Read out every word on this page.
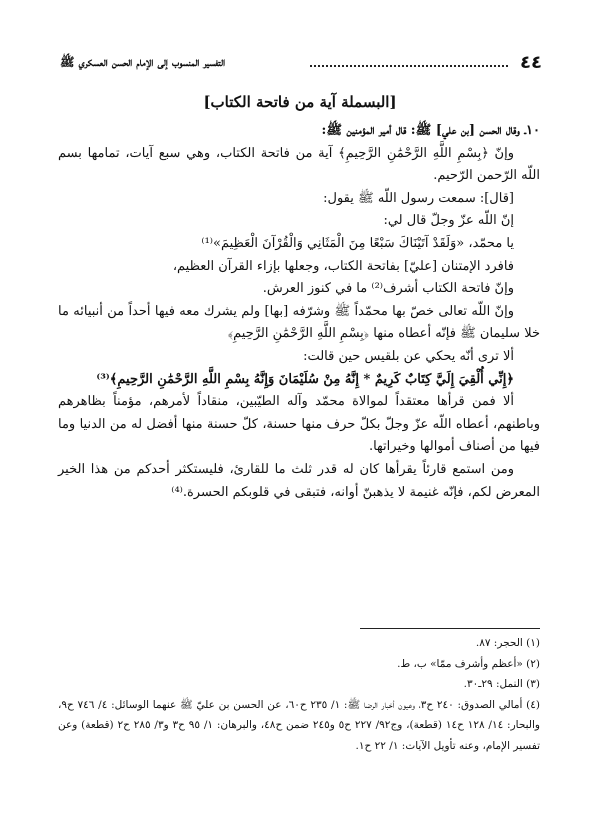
٤٤
التفسير المنسوب إلى الإمام الحسن العسكري ﷺ
[البسملة آية من فاتحة الكتاب]

١٠ـ وقال الحسن [بن علي] ﷺ: قال أمير المؤمنين ﷺ:

وإنّ ﴿بِسْمِ اللَّهِ الرَّحْمَٰنِ الرَّحِيمِ﴾ آية من فاتحة الكتاب، وهي سبع آيات، تمامها بسم اللّه الرّحمن الرّحيم.

[قال]: سمعت رسول اللّه ﷺ يقول:

إنّ اللّه عزّ وجلّ قال لي:

يا محمّد، «وَلَقَدْ آتَيْنَاكَ سَبْعًا مِنَ الْمَثَانِي وَالْقُرْآنَ الْعَظِيمَ»⁽¹⁾

فافرد الإمتنان [عليّ] بفاتحة الكتاب، وجعلها بإزاء القرآن العظيم،

وإنّ فاتحة الكتاب أشرف⁽²⁾ ما في كنوز العرش.

وإنّ اللّه تعالى خصّ بها محمّداً ﷺ وشرّفه [بها] ولم يشرك معه فيها أحداً من أنبيائه ما خلا سليمان ﷺ فإنّه أعطاه منها ﴿بِسْمِ اللَّهِ الرَّحْمَٰنِ الرَّحِيمِ﴾

ألا ترى أنّه يحكي عن بلقيس حين قالت:

﴿إِنِّي أُلْقِيَ إِلَيَّ كِتَابٌ كَرِيمٌ * إِنَّهُ مِنْ سُلَيْمَانَ وَإِنَّهُ بِسْمِ اللَّهِ الرَّحْمَٰنِ الرَّحِيمِ﴾⁽³⁾

ألا فمن قرأها معتقداً لموالاة محمّد وآله الطيّبين، منقاداً لأمرهم، مؤمناً بظاهرهم وباطنهم، أعطاه اللّه عزّ وجلّ بكلّ حرف منها حسنة، كلّ حسنة منها أفضل له من الدنيا وما فيها من أصناف أموالها وخيراتها.

ومن استمع قارئاً يقرأها كان له قدر ثلث ما للقارئ، فليستكثر أحدكم من هذا الخير المعرض لكم، فإنّه غنيمة لا يذهبنّ أوانه، فتبقى في قلوبكم الحسرة.⁽⁴⁾

(١) الحجر: ٨٧.

(٢) «أعظم وأشرف ممّا» ب، ط.

(٣) النمل: ٢٩ـ٣٠.

(٤) أمالي الصدوق: ٢٤٠ ح٣، وعيون أخبار الرضا ﷺ: ١/ ٢٣٥ ح٦٠، عن الحسن بن عليّ ﷺ عنهما الوسائل: ٤/ ٧٤٦ ح٩، والبحار: ١٤/ ١٢٨ ح١٤ (قطعة)، وج٩٢/ ٢٢٧ ح٥ و٢٤٥ ضمن ح٤٨، والبرهان: ١/ ٩٥ ح٣ و٣/ ٢٨٥ ح٢ (قطعة) وعن تفسير الإمام، وعنه تأويل الآيات: ١/ ٢٢ ح١.
